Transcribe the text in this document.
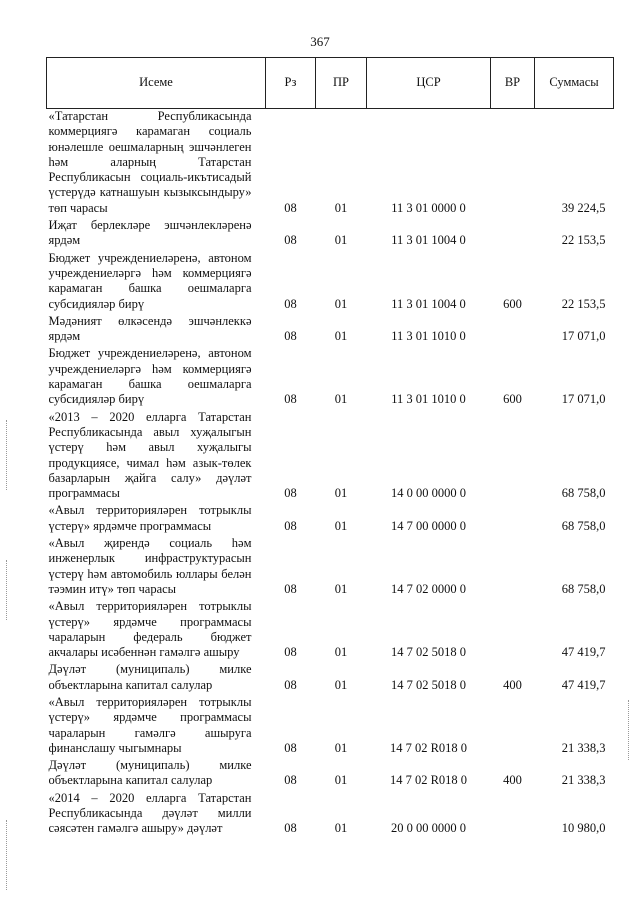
367
Исеме	Рз	ПР	ЦСР	ВР	Суммасы
«Татарстан Республикасында коммерциягә карамаган социаль юнәлешле оешмаларның эшчәнлеген һәм аларның Татарстан Республикасын социаль-икътисадый үстерүдә катнашуын кызыксындыру» төп чарасы	08	01	11 3 01 0000 0		39 224,5
Иҗат берлекләре эшчәнлекләренә ярдәм	08	01	11 3 01 1004 0		22 153,5
Бюджет учреждениеләренә, автоном учреждениеләргә һәм коммерциягә карамаган башка оешмаларга субсидияләр бирү	08	01	11 3 01 1004 0	600	22 153,5
Мәдәният өлкәсендә эшчәнлеккә ярдәм	08	01	11 3 01 1010 0		17 071,0
Бюджет учреждениеләренә, автоном учреждениеләргә һәм коммерциягә карамаган башка оешмаларга субсидияләр бирү	08	01	11 3 01 1010 0	600	17 071,0
«2013 – 2020 елларга Татарстан Республикасында авыл хуҗалыгын үстерү һәм авыл хуҗалыгы продукциясе, чимал һәм азык-төлек базарларын җайга салу» дәүләт программасы	08	01	14 0 00 0000 0		68 758,0
«Авыл территорияләрен тотрыклы үстерү» ярдәмче программасы	08	01	14 7 00 0000 0		68 758,0
«Авыл җирендә социаль һәм инженерлык инфраструктурасын үстерү һәм автомобиль юллары белән тәэмин итү» төп чарасы	08	01	14 7 02 0000 0		68 758,0
«Авыл территорияләрен тотрыклы үстерү» ярдәмче программасы чараларын федераль бюджет акчалары исәбеннән гамәлгә ашыру	08	01	14 7 02 5018 0		47 419,7
Дәүләт (муниципаль) милке объектларына капитал салулар	08	01	14 7 02 5018 0	400	47 419,7
«Авыл территорияләрен тотрыклы үстерү» ярдәмче программасы чараларын гамәлгә ашыруга финанслашу чыгымнары	08	01	14 7 02 R018 0		21 338,3
Дәүләт (муниципаль) милке объектларына капитал салулар	08	01	14 7 02 R018 0	400	21 338,3
«2014 – 2020 елларга Татарстан Республикасында дәүләт милли сәясәтен гамәлгә ашыру» дәүләт	08	01	20 0 00 0000 0		10 980,0
